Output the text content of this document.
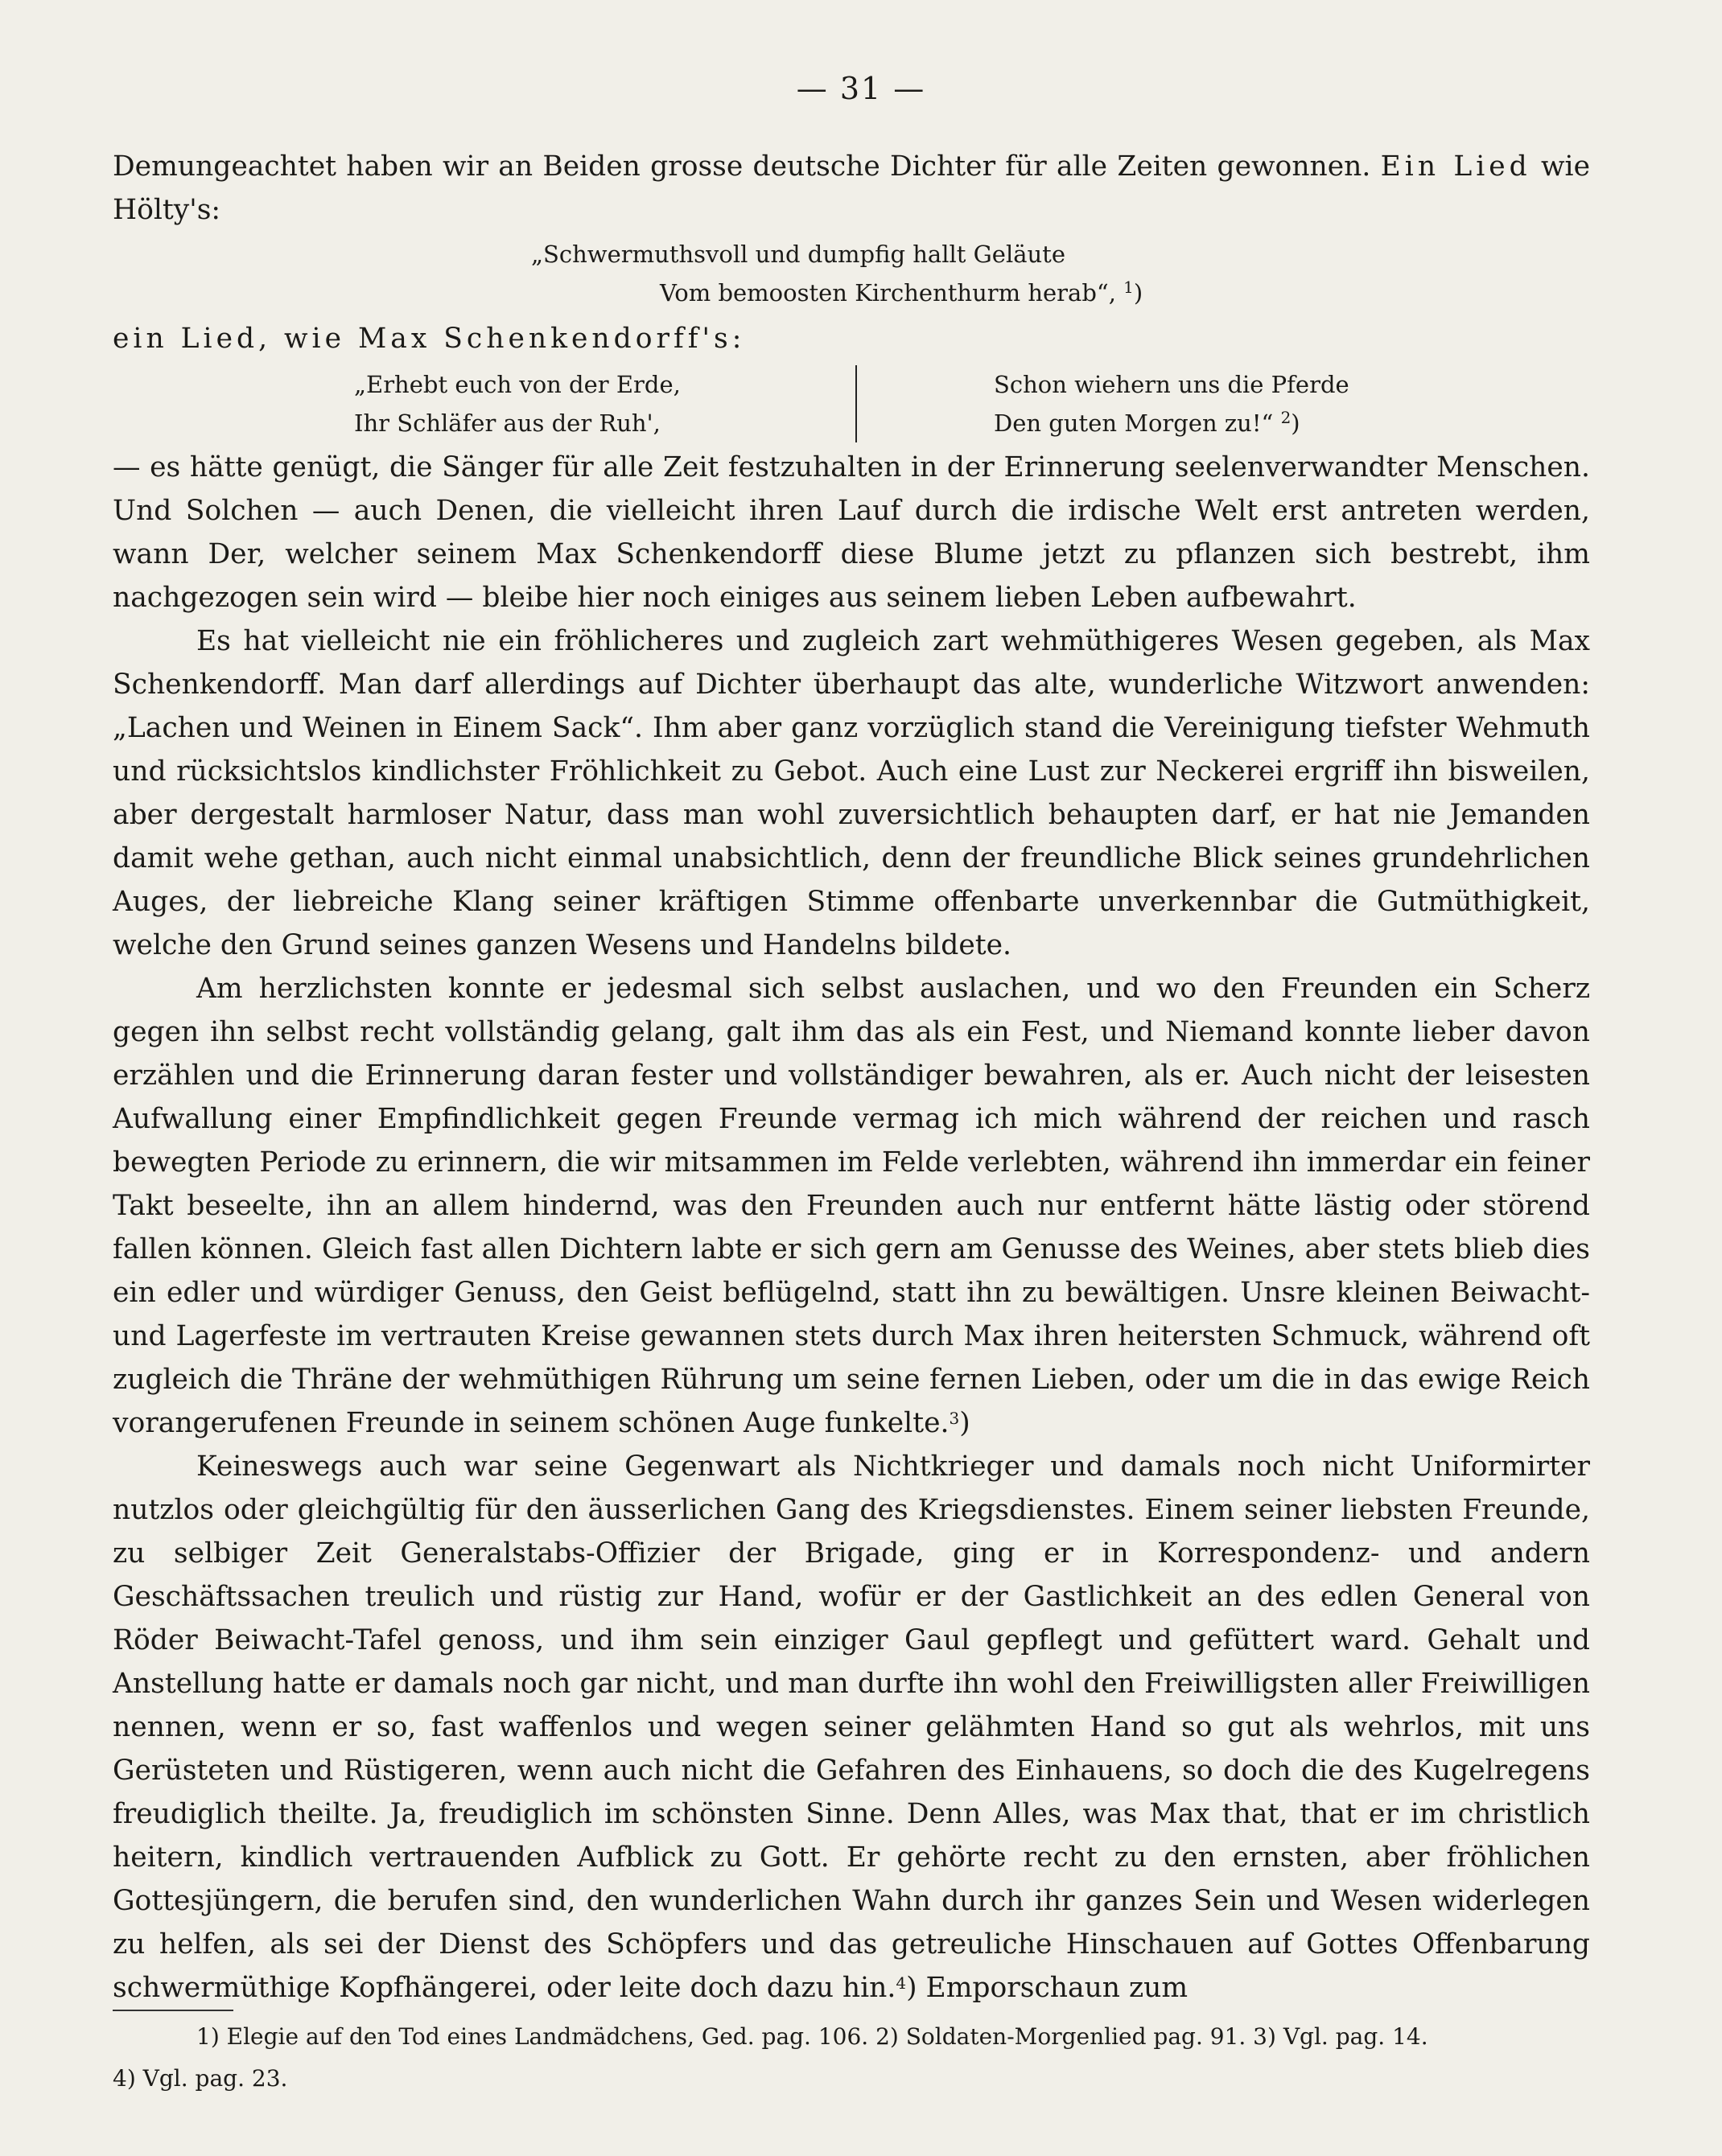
— 31 —

Demungeachtet haben wir an Beiden grosse deutsche Dichter für alle Zeiten gewonnen. Ein Lied wie Hölty's:

„Schwermuthsvoll und dumpfig hallt Geläute
Vom bemoosten Kirchenthurm herab“, $^1$)

ein Lied, wie Max Schenkendorff's:

„Erhebt euch von der Erde,
Ihr Schläfer aus der Ruh',
Schon wiehern uns die Pferde
Den guten Morgen zu!“ $^2$)

— es hätte genügt, die Sänger für alle Zeit festzuhalten in der Erinnerung seelenverwandter Menschen. Und Solchen — auch Denen, die vielleicht ihren Lauf durch die irdische Welt erst antreten werden, wann Der, welcher seinem Max Schenkendorff diese Blume jetzt zu pflanzen sich bestrebt, ihm nachgezogen sein wird — bleibe hier noch einiges aus seinem lieben Leben aufbewahrt.

Es hat vielleicht nie ein fröhlicheres und zugleich zart wehmüthigeres Wesen gegeben, als Max Schenkendorff. Man darf allerdings auf Dichter überhaupt das alte, wunderliche Witzwort anwenden: „Lachen und Weinen in Einem Sack“. Ihm aber ganz vorzüglich stand die Vereinigung tiefster Wehmuth und rücksichtslos kindlichster Fröhlichkeit zu Gebot. Auch eine Lust zur Neckerei ergriff ihn bisweilen, aber dergestalt harmloser Natur, dass man wohl zuversichtlich behaupten darf, er hat nie Jemanden damit wehe gethan, auch nicht einmal unabsichtlich, denn der freundliche Blick seines grundehrlichen Auges, der liebreiche Klang seiner kräftigen Stimme offenbarte unverkennbar die Gutmüthigkeit, welche den Grund seines ganzen Wesens und Handelns bildete.

Am herzlichsten konnte er jedesmal sich selbst auslachen, und wo den Freunden ein Scherz gegen ihn selbst recht vollständig gelang, galt ihm das als ein Fest, und Niemand konnte lieber davon erzählen und die Erinnerung daran fester und vollständiger bewahren, als er. Auch nicht der leisesten Aufwallung einer Empfindlichkeit gegen Freunde vermag ich mich während der reichen und rasch bewegten Periode zu erinnern, die wir mitsammen im Felde verlebten, während ihn immerdar ein feiner Takt beseelte, ihn an allem hindernd, was den Freunden auch nur entfernt hätte lästig oder störend fallen können. Gleich fast allen Dichtern labte er sich gern am Genusse des Weines, aber stets blieb dies ein edler und würdiger Genuss, den Geist beflügelnd, statt ihn zu bewältigen. Unsre kleinen Beiwacht- und Lagerfeste im vertrauten Kreise gewannen stets durch Max ihren heitersten Schmuck, während oft zugleich die Thräne der wehmüthigen Rührung um seine fernen Lieben, oder um die in das ewige Reich vorangerufenen Freunde in seinem schönen Auge funkelte.$^3$)

Keineswegs auch war seine Gegenwart als Nichtkrieger und damals noch nicht Uniformirter nutzlos oder gleichgültig für den äusserlichen Gang des Kriegsdienstes. Einem seiner liebsten Freunde, zu selbiger Zeit Generalstabs-Offizier der Brigade, ging er in Korrespondenz- und andern Geschäftssachen treulich und rüstig zur Hand, wofür er der Gastlichkeit an des edlen General von Röder Beiwacht-Tafel genoss, und ihm sein einziger Gaul gepflegt und gefüttert ward. Gehalt und Anstellung hatte er damals noch gar nicht, und man durfte ihn wohl den Freiwilligsten aller Freiwilligen nennen, wenn er so, fast waffenlos und wegen seiner gelähmten Hand so gut als wehrlos, mit uns Gerüsteten und Rüstigeren, wenn auch nicht die Gefahren des Einhauens, so doch die des Kugelregens freudiglich theilte. Ja, freudiglich im schönsten Sinne. Denn Alles, was Max that, that er im christlich heitern, kindlich vertrauenden Aufblick zu Gott. Er gehörte recht zu den ernsten, aber fröhlichen Gottesjüngern, die berufen sind, den wunderlichen Wahn durch ihr ganzes Sein und Wesen widerlegen zu helfen, als sei der Dienst des Schöpfers und das getreuliche Hinschauen auf Gottes Offenbarung schwermüthige Kopfhängerei, oder leite doch dazu hin.$^4$) Emporschaun zum

1) Elegie auf den Tod eines Landmädchens, Ged. pag. 106. 2) Soldaten-Morgenlied pag. 91. 3) Vgl. pag. 14.

4) Vgl. pag. 23.
